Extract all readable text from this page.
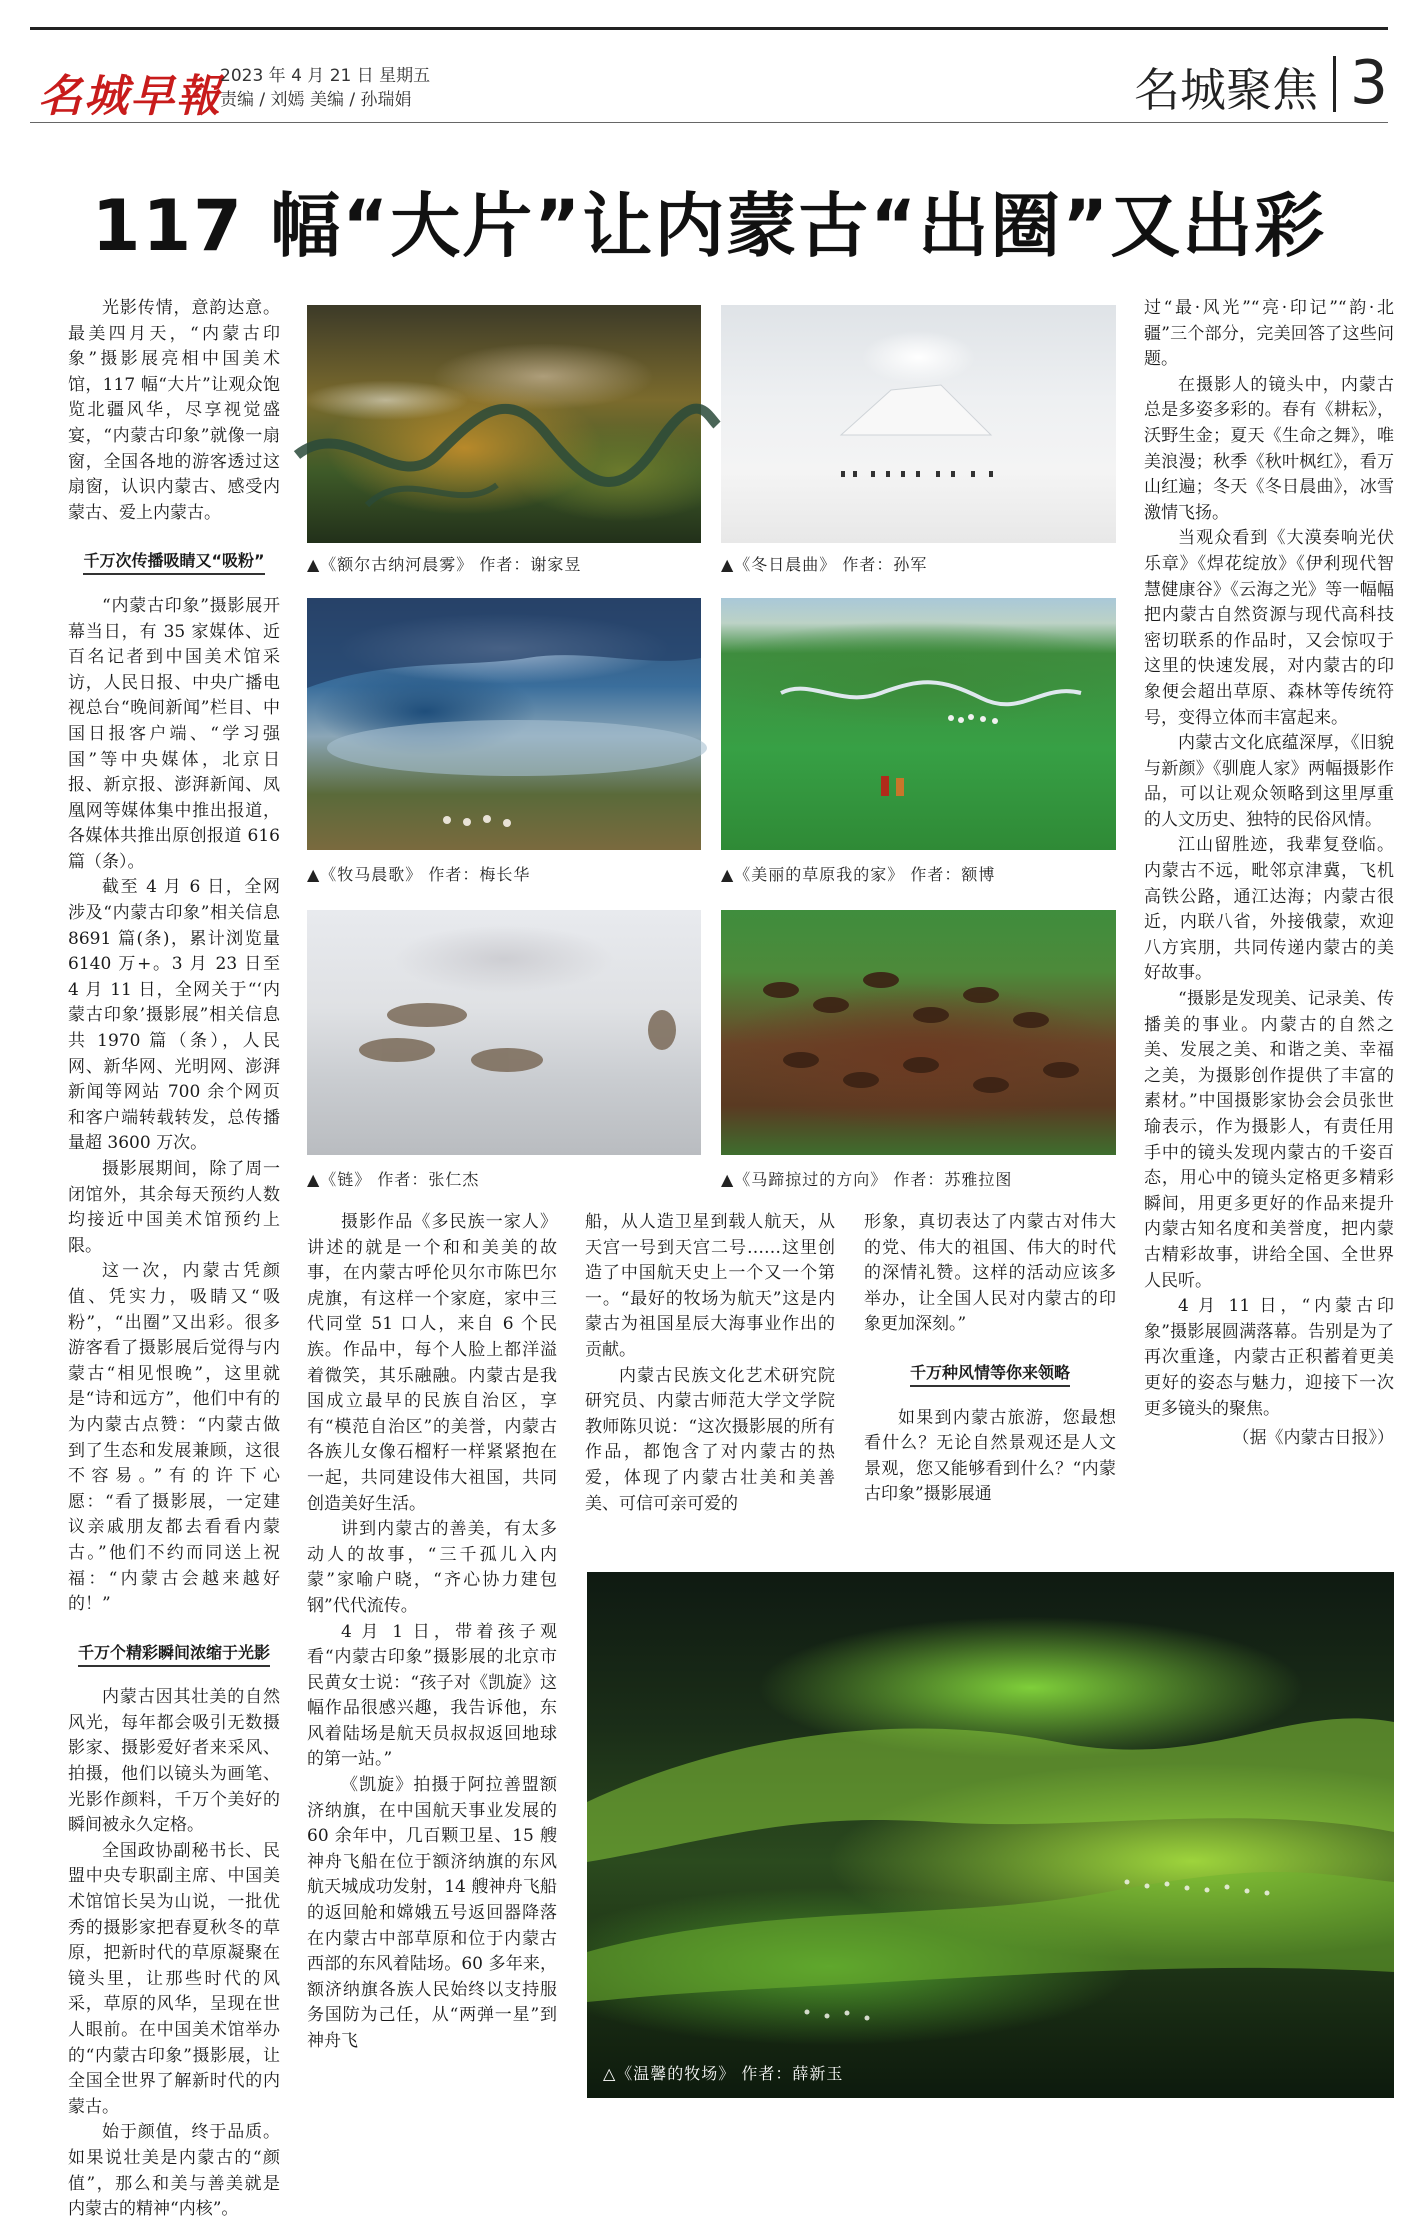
名城早報
2023 年 4 月 21 日 星期五
责编 / 刘嫣 美编 / 孙瑞娟	名城聚焦 3
117 幅“大片”让内蒙古“出圈”又出彩

光影传情，意韵达意。最美四月天，“内蒙古印象”摄影展亮相中国美术馆，117 幅“大片”让观众饱览北疆风华，尽享视觉盛宴，“内蒙古印象”就像一扇窗，全国各地的游客透过这扇窗，认识内蒙古、感受内蒙古、爱上内蒙古。

千万次传播吸睛又“吸粉”

“内蒙古印象”摄影展开幕当日，有 35 家媒体、近百名记者到中国美术馆采访，人民日报、中央广播电视总台“晚间新闻”栏目、中国日报客户端、“学习强国”等中央媒体，北京日报、新京报、澎湃新闻、凤凰网等媒体集中推出报道，各媒体共推出原创报道 616 篇（条）。

截至 4 月 6 日，全网涉及“内蒙古印象”相关信息 8691 篇(条)，累计浏览量 6140 万+。3 月 23 日至 4 月 11 日，全网关于“‘内蒙古印象’摄影展”相关信息共 1970 篇（条），人民网、新华网、光明网、澎湃新闻等网站 700 余个网页和客户端转载转发，总传播量超 3600 万次。

摄影展期间，除了周一闭馆外，其余每天预约人数均接近中国美术馆预约上限。

这一次，内蒙古凭颜值、凭实力，吸睛又“吸粉”，“出圈”又出彩。很多游客看了摄影展后觉得与内蒙古“相见恨晚”，这里就是“诗和远方”，他们中有的为内蒙古点赞：“内蒙古做到了生态和发展兼顾，这很不容易。”有的许下心愿：“看了摄影展，一定建议亲戚朋友都去看看内蒙古。”他们不约而同送上祝福：“内蒙古会越来越好的！”

千万个精彩瞬间浓缩于光影

内蒙古因其壮美的自然风光，每年都会吸引无数摄影家、摄影爱好者来采风、拍摄，他们以镜头为画笔、光影作颜料，千万个美好的瞬间被永久定格。

全国政协副秘书长、民盟中央专职副主席、中国美术馆馆长吴为山说，一批优秀的摄影家把春夏秋冬的草原，把新时代的草原凝聚在镜头里，让那些时代的风采，草原的风华，呈现在世人眼前。在中国美术馆举办的“内蒙古印象”摄影展，让全国全世界了解新时代的内蒙古。

始于颜值，终于品质。如果说壮美是内蒙古的“颜值”，那么和美与善美就是内蒙古的精神“内核”。

▲《额尔古纳河晨雾》 作者：谢家昱	▲《冬日晨曲》 作者：孙军
▲《牧马晨歌》 作者：梅长华	▲《美丽的草原我的家》 作者：额博
▲《链》 作者：张仁杰	▲《马蹄掠过的方向》 作者：苏雅拉图

摄影作品《多民族一家人》讲述的就是一个和和美美的故事，在内蒙古呼伦贝尔市陈巴尔虎旗，有这样一个家庭，家中三代同堂 51 口人，来自 6 个民族。作品中，每个人脸上都洋溢着微笑，其乐融融。内蒙古是我国成立最早的民族自治区，享有“模范自治区”的美誉，内蒙古各族儿女像石榴籽一样紧紧抱在一起，共同建设伟大祖国，共同创造美好生活。

讲到内蒙古的善美，有太多动人的故事，“三千孤儿入内蒙”家喻户晓，“齐心协力建包钢”代代流传。

4 月 1 日，带着孩子观看“内蒙古印象”摄影展的北京市民黄女士说：“孩子对《凯旋》这幅作品很感兴趣，我告诉他，东风着陆场是航天员叔叔返回地球的第一站。”

《凯旋》拍摄于阿拉善盟额济纳旗，在中国航天事业发展的 60 余年中，几百颗卫星、15 艘神舟飞船在位于额济纳旗的东风航天城成功发射，14 艘神舟飞船的返回舱和嫦娥五号返回器降落在内蒙古中部草原和位于内蒙古西部的东风着陆场。60 多年来，额济纳旗各族人民始终以支持服务国防为己任，从“两弹一星”到神舟飞

船，从人造卫星到载人航天，从天宫一号到天宫二号……这里创造了中国航天史上一个又一个第一。“最好的牧场为航天”这是内蒙古为祖国星辰大海事业作出的贡献。

内蒙古民族文化艺术研究院研究员、内蒙古师范大学文学院教师陈贝说：“这次摄影展的所有作品，都饱含了对内蒙古的热爱，体现了内蒙古壮美和美善美、可信可亲可爱的

形象，真切表达了内蒙古对伟大的党、伟大的祖国、伟大的时代的深情礼赞。这样的活动应该多举办，让全国人民对内蒙古的印象更加深刻。”

千万种风情等你来领略

如果到内蒙古旅游，您最想看什么？无论自然景观还是人文景观，您又能够看到什么？“内蒙古印象”摄影展通

过“最·风光”“亮·印记”“韵·北疆”三个部分，完美回答了这些问题。

在摄影人的镜头中，内蒙古总是多姿多彩的。春有《耕耘》，沃野生金；夏天《生命之舞》，唯美浪漫；秋季《秋叶枫红》，看万山红遍；冬天《冬日晨曲》，冰雪激情飞扬。

当观众看到《大漠奏响光伏乐章》《焊花绽放》《伊利现代智慧健康谷》《云海之光》等一幅幅把内蒙古自然资源与现代高科技密切联系的作品时，又会惊叹于这里的快速发展，对内蒙古的印象便会超出草原、森林等传统符号，变得立体而丰富起来。

内蒙古文化底蕴深厚，《旧貌与新颜》《驯鹿人家》两幅摄影作品，可以让观众领略到这里厚重的人文历史、独特的民俗风情。

江山留胜迹，我辈复登临。内蒙古不远，毗邻京津冀，飞机高铁公路，通江达海；内蒙古很近，内联八省，外接俄蒙，欢迎八方宾朋，共同传递内蒙古的美好故事。

“摄影是发现美、记录美、传播美的事业。内蒙古的自然之美、发展之美、和谐之美、幸福之美，为摄影创作提供了丰富的素材。”中国摄影家协会会员张世瑜表示，作为摄影人，有责任用手中的镜头发现内蒙古的千姿百态，用心中的镜头定格更多精彩瞬间，用更多更好的作品来提升内蒙古知名度和美誉度，把内蒙古精彩故事，讲给全国、全世界人民听。

4 月 11 日，“内蒙古印象”摄影展圆满落幕。告别是为了再次重逢，内蒙古正积蓄着更美更好的姿态与魅力，迎接下一次更多镜头的聚焦。

（据《内蒙古日报》）

△《温馨的牧场》 作者：薛新玉
